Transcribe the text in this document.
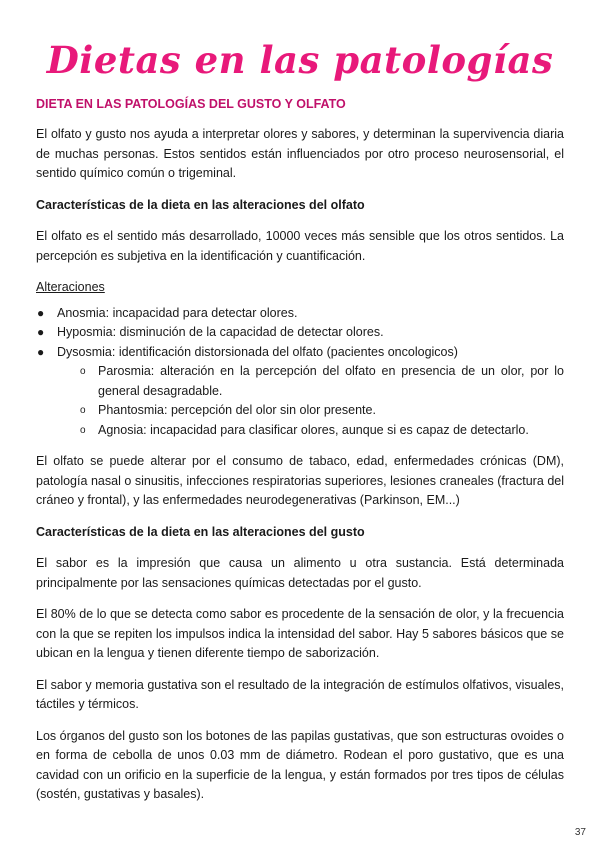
Dietas en las patologías
DIETA EN LAS PATOLOGÍAS DEL GUSTO Y OLFATO

El olfato y gusto nos ayuda a interpretar olores y sabores, y determinan la supervivencia diaria de muchas personas. Estos sentidos están influenciados por otro proceso neurosensorial, el sentido químico común o trigeminal.

Características de la dieta en las alteraciones del olfato

El olfato es el sentido más desarrollado, 10000 veces más sensible que los otros sentidos. La percepción es subjetiva en la identificación y cuantificación.

Alteraciones

● Anosmia: incapacidad para detectar olores.
● Hyposmia: disminución de la capacidad de detectar olores.
● Dysosmia: identificación distorsionada del olfato (pacientes oncologicos)
o Parosmia: alteración en la percepción del olfato en presencia de un olor, por lo general desagradable.
o Phantosmia: percepción del olor sin olor presente.
o Agnosia: incapacidad para clasificar olores, aunque si es capaz de detectarlo.

El olfato se puede alterar por el consumo de tabaco, edad, enfermedades crónicas (DM), patología nasal o sinusitis, infecciones respiratorias superiores, lesiones craneales (fractura del cráneo y frontal), y las enfermedades neurodegenerativas (Parkinson, EM...)

Características de la dieta en las alteraciones del gusto

El sabor es la impresión que causa un alimento u otra sustancia. Está determinada principalmente por las sensaciones químicas detectadas por el gusto.

El 80% de lo que se detecta como sabor es procedente de la sensación de olor, y la frecuencia con la que se repiten los impulsos indica la intensidad del sabor. Hay 5 sabores básicos que se ubican en la lengua y tienen diferente tiempo de saborización.

El sabor y memoria gustativa son el resultado de la integración de estímulos olfativos, visuales, táctiles y térmicos.

Los órganos del gusto son los botones de las papilas gustativas, que son estructuras ovoides o en forma de cebolla de unos 0.03 mm de diámetro. Rodean el poro gustativo, que es una cavidad con un orificio en la superficie de la lengua, y están formados por tres tipos de células (sostén, gustativas y basales).

37
